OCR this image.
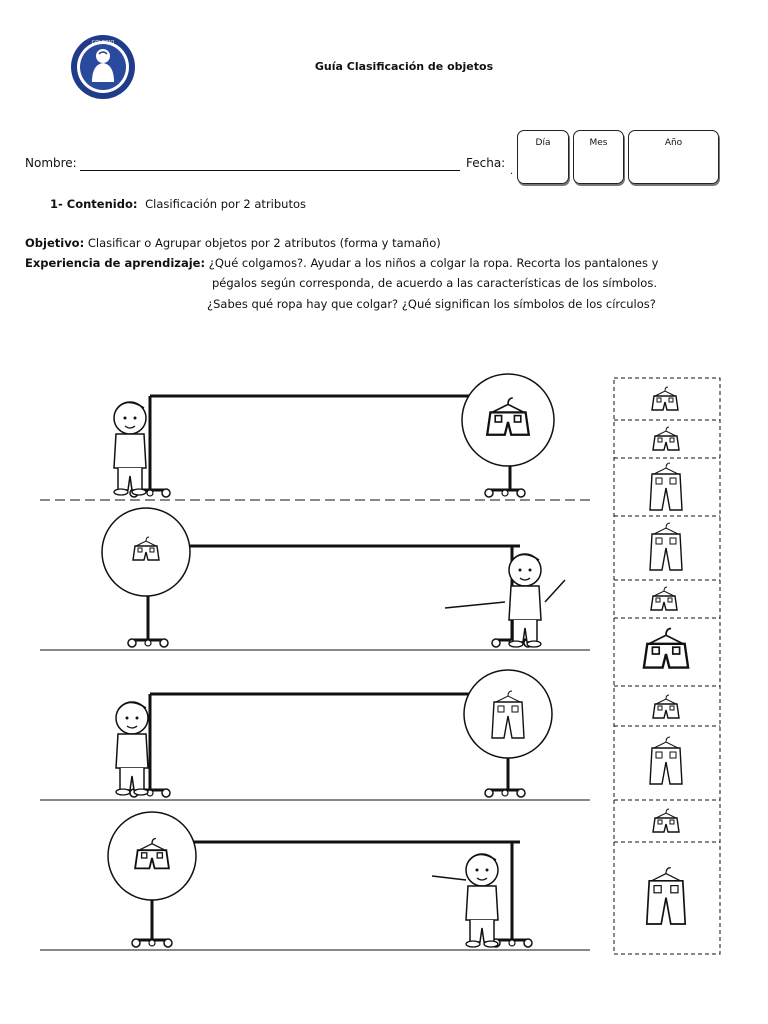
COLEGIO
Guía Clasificación de objetos
Nombre:	Fecha:
.
Día	Mes	Año
1- Contenido: Clasificación por 2 atributos
Objetivo: Clasificar o Agrupar objetos por 2 atributos (forma y tamaño)
Experiencia de aprendizaje: ¿Qué colgamos?. Ayudar a los niños a colgar la ropa. Recorta los pantalones y
pégalos según corresponda, de acuerdo a las características de los símbolos.
¿Sabes qué ropa hay que colgar? ¿Qué significan los símbolos de los círculos?
